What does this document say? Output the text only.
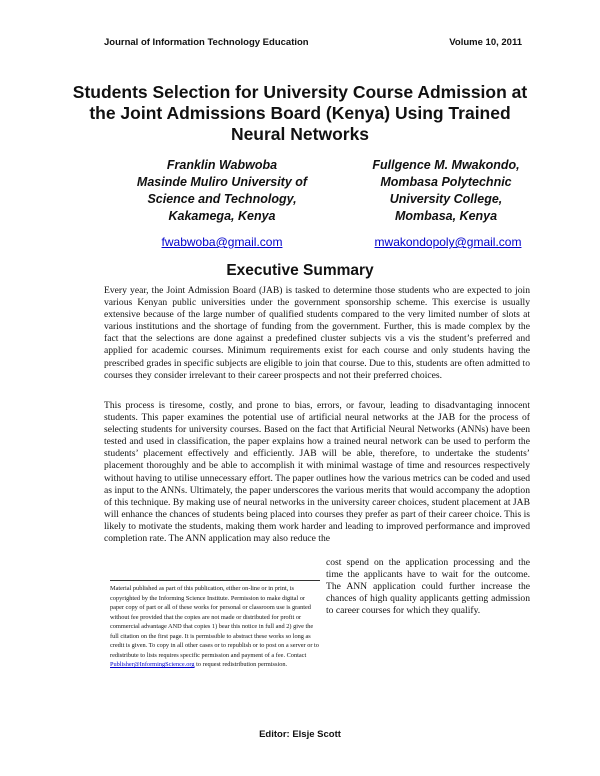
Journal of Information Technology Education	Volume 10, 2011
Students Selection for University Course Admission at the Joint Admissions Board (Kenya) Using Trained Neural Networks
Franklin Wabwoba
Masinde Muliro University of
Science and Technology,
Kakamega, Kenya
Fullgence M. Mwakondo,
Mombasa Polytechnic
University College,
Mombasa, Kenya
fwabwoba@gmail.com	mwakondopoly@gmail.com
Executive Summary

Every year, the Joint Admission Board (JAB) is tasked to determine those students who are expected to join various Kenyan public universities under the government sponsorship scheme. This exercise is usually extensive because of the large number of qualified students compared to the very limited number of slots at various institutions and the shortage of funding from the government. Further, this is made complex by the fact that the selections are done against a predefined cluster subjects vis a vis the student’s preferred and applied for academic courses. Minimum requirements exist for each course and only students having the prescribed grades in specific subjects are eligible to join that course. Due to this, students are often admitted to courses they consider irrelevant to their career prospects and not their preferred choices.

This process is tiresome, costly, and prone to bias, errors, or favour, leading to disadvantaging innocent students. This paper examines the potential use of artificial neural networks at the JAB for the process of selecting students for university courses. Based on the fact that Artificial Neural Networks (ANNs) have been tested and used in classification, the paper explains how a trained neural network can be used to perform the students’ placement effectively and efficiently. JAB will be able, therefore, to undertake the students’ placement thoroughly and be able to accomplish it with minimal wastage of time and resources respectively without having to utilise unnecessary effort. The paper outlines how the various metrics can be coded and used as input to the ANNs. Ultimately, the paper underscores the various merits that would accompany the adoption of this technique. By making use of neural networks in the university career choices, student placement at JAB will enhance the chances of students being placed into courses they prefer as part of their career choice. This is likely to motivate the students, making them work harder and leading to improved performance and improved completion rate. The ANN application may also reduce the

cost spend on the application processing and the time the applicants have to wait for the outcome. The ANN application could further increase the chances of high quality applicants getting admission to career courses for which they qualify.

Material published as part of this publication, either on-line or in print, is copyrighted by the Informing Science Institute. Permission to make digital or paper copy of part or all of these works for personal or classroom use is granted without fee provided that the copies are not made or distributed for profit or commercial advantage AND that copies 1) bear this notice in full and 2) give the full citation on the first page. It is permissible to abstract these works so long as credit is given. To copy in all other cases or to republish or to post on a server or to redistribute to lists requires specific permission and payment of a fee. Contact Publisher@InformingScience.org to request redistribution permission.

Editor: Elsje Scott
